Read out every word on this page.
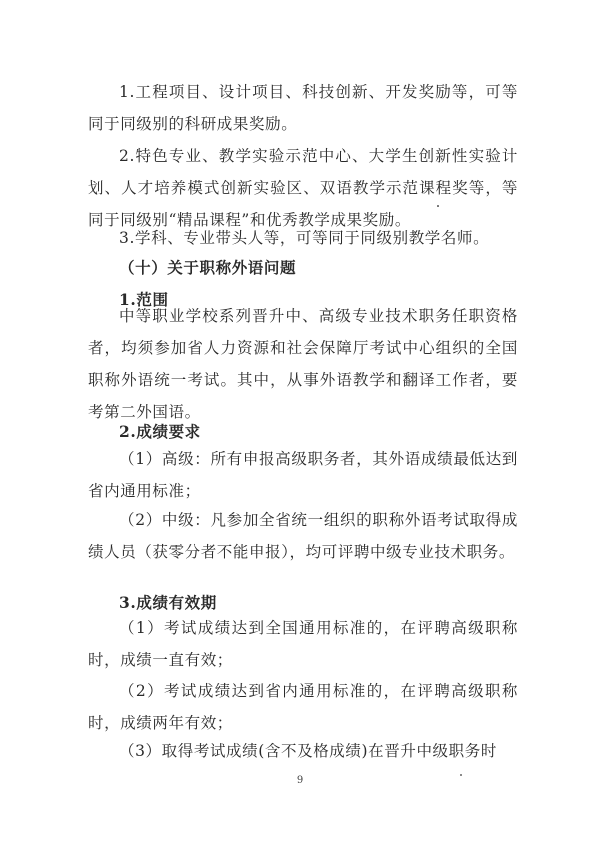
1.工程项目、设计项目、科技创新、开发奖励等，可等同于同级别的科研成果奖励。

2.特色专业、教学实验示范中心、大学生创新性实验计划、人才培养模式创新实验区、双语教学示范课程奖等，等同于同级别“精品课程”和优秀教学成果奖励。

3.学科、专业带头人等，可等同于同级别教学名师。

（十）关于职称外语问题

1.范围

中等职业学校系列晋升中、高级专业技术职务任职资格者，均须参加省人力资源和社会保障厅考试中心组织的全国职称外语统一考试。其中，从事外语教学和翻译工作者，要考第二外国语。

2.成绩要求

（1）高级：所有申报高级职务者，其外语成绩最低达到省内通用标准；

（2）中级：凡参加全省统一组织的职称外语考试取得成绩人员（获零分者不能申报），均可评聘中级专业技术职务。

3.成绩有效期

（1）考试成绩达到全国通用标准的，在评聘高级职称时，成绩一直有效；

（2）考试成绩达到省内通用标准的，在评聘高级职称时，成绩两年有效；

（3）取得考试成绩(含不及格成绩)在晋升中级职务时

9
